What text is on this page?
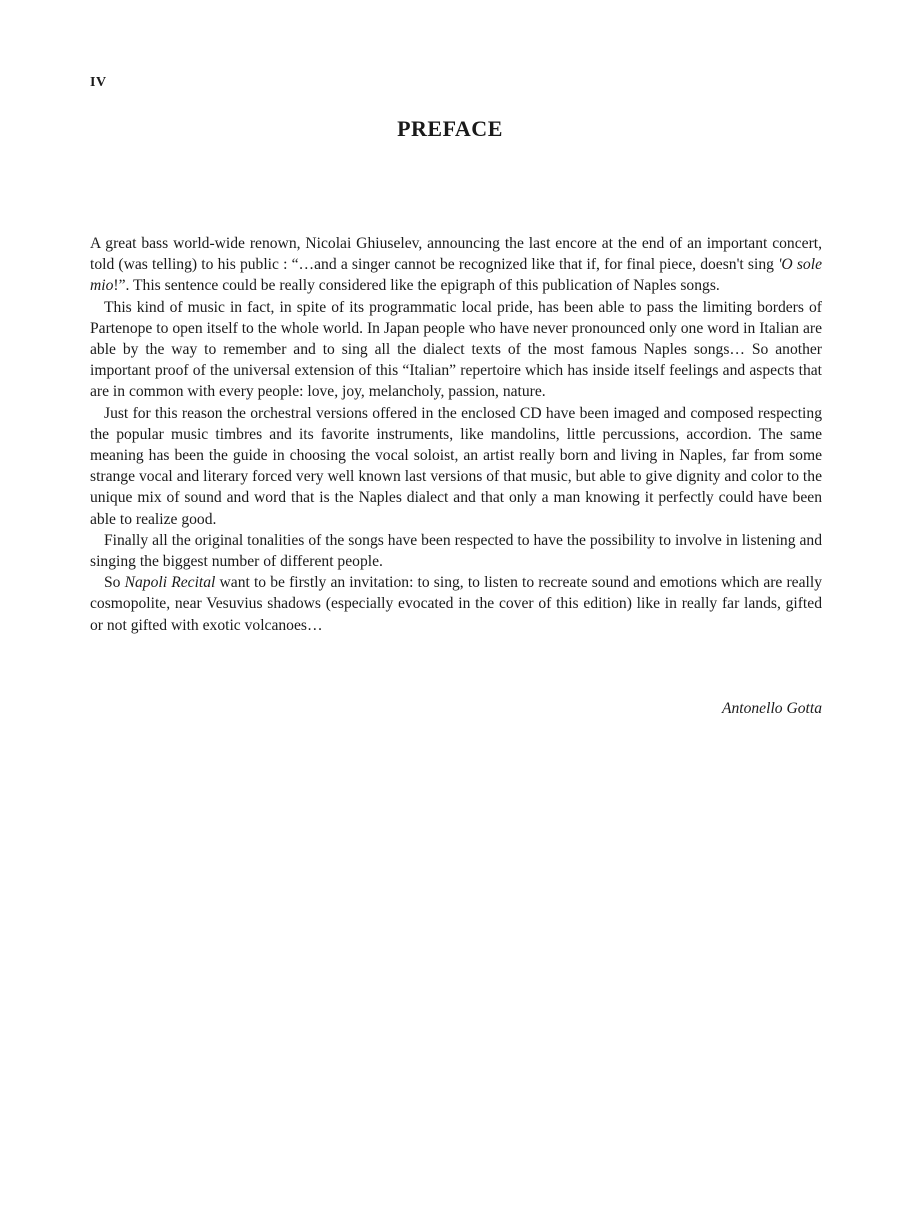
IV
PREFACE

A great bass world-wide renown, Nicolai Ghiuselev, announcing the last encore at the end of an important concert, told (was telling) to his public : “…and a singer cannot be recognized like that if, for final piece, doesn't sing 'O sole mio!”. This sentence could be really considered like the epigraph of this publication of Naples songs.

This kind of music in fact, in spite of its programmatic local pride, has been able to pass the limiting borders of Partenope to open itself to the whole world. In Japan people who have never pronounced only one word in Italian are able by the way to remember and to sing all the dialect texts of the most famous Naples songs… So another important proof of the universal extension of this “Italian” repertoire which has inside itself feelings and aspects that are in common with every people: love, joy, melancholy, passion, nature.

Just for this reason the orchestral versions offered in the enclosed CD have been imaged and composed respecting the popular music timbres and its favorite instruments, like mandolins, little percussions, accordion. The same meaning has been the guide in choosing the vocal soloist, an artist really born and living in Naples, far from some strange vocal and literary forced very well known last versions of that music, but able to give dignity and color to the unique mix of sound and word that is the Naples dialect and that only a man knowing it perfectly could have been able to realize good.

Finally all the original tonalities of the songs have been respected to have the possibility to involve in listening and singing the biggest number of different people.

So Napoli Recital want to be firstly an invitation: to sing, to listen to recreate sound and emotions which are really cosmopolite, near Vesuvius shadows (especially evocated in the cover of this edition) like in really far lands, gifted or not gifted with exotic volcanoes…

Antonello Gotta
